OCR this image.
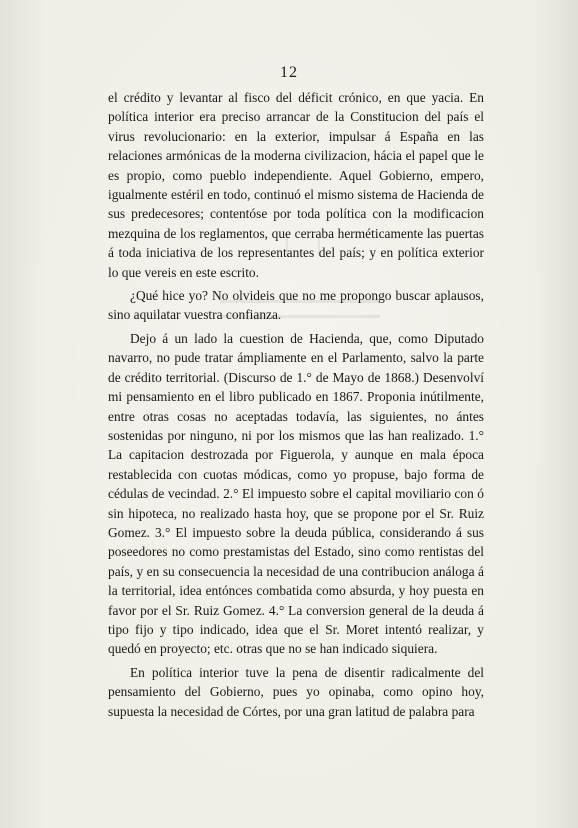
12

el crédito y levantar al fisco del déficit crónico, en que yacia. En política interior era preciso arrancar de la Constitucion del país el virus revolucionario: en la exterior, impulsar á España en las relaciones armónicas de la moderna civilizacion, hácia el papel que le es propio, como pueblo independiente. Aquel Gobierno, empero, igualmente estéril en todo, continuó el mismo sistema de Hacienda de sus predecesores; contentóse por toda política con la modificacion mezquina de los reglamentos, que cerraba herméticamente las puertas á toda iniciativa de los representantes del país; y en política exterior lo que vereis en este escrito.

¿Qué hice yo? No olvideis que no me propongo buscar aplausos, sino aquilatar vuestra confianza.

Dejo á un lado la cuestion de Hacienda, que, como Diputado navarro, no pude tratar ámpliamente en el Parlamento, salvo la parte de crédito territorial. (Discurso de 1.° de Mayo de 1868.) Desenvolví mi pensamiento en el libro publicado en 1867. Proponia inútilmente, entre otras cosas no aceptadas todavía, las siguientes, no ántes sostenidas por ninguno, ni por los mismos que las han realizado. 1.° La capitacion destrozada por Figuerola, y aunque en mala época restablecida con cuotas módicas, como yo propuse, bajo forma de cédulas de vecindad. 2.° El impuesto sobre el capital moviliario con ó sin hipoteca, no realizado hasta hoy, que se propone por el Sr. Ruiz Gomez. 3.° El impuesto sobre la deuda pública, considerando á sus poseedores no como prestamistas del Estado, sino como rentistas del país, y en su consecuencia la necesidad de una contribucion análoga á la territorial, idea entónces combatida como absurda, y hoy puesta en favor por el Sr. Ruiz Gomez. 4.° La conversion general de la deuda á tipo fijo y tipo indicado, idea que el Sr. Moret intentó realizar, y quedó en proyecto; etc. otras que no se han indicado siquiera.

En política interior tuve la pena de disentir radicalmente del pensamiento del Gobierno, pues yo opinaba, como opino hoy, supuesta la necesidad de Córtes, por una gran latitud de palabra para
